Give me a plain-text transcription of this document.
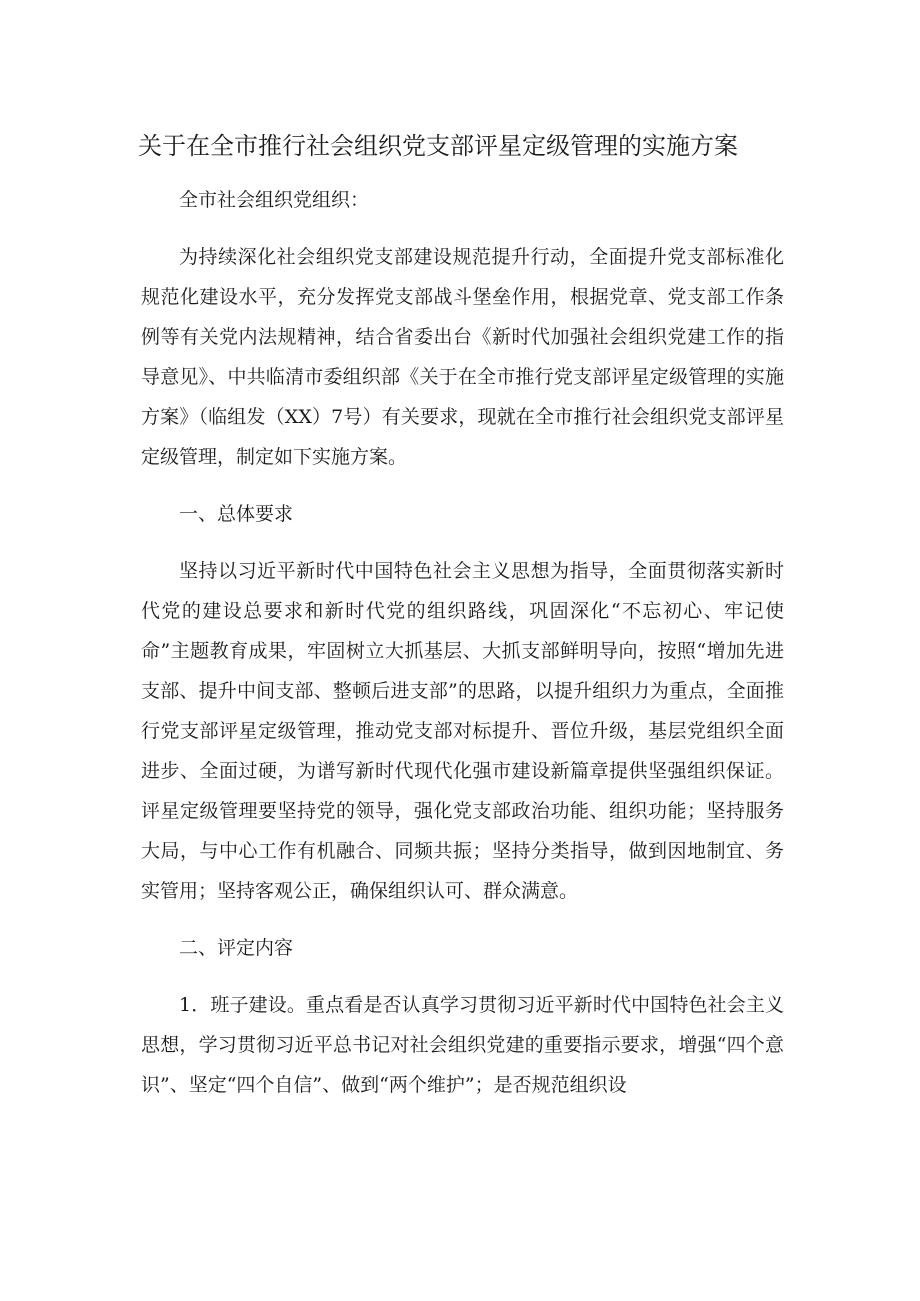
关于在全市推行社会组织党支部评星定级管理的实施方案

全市社会组织党组织：

为持续深化社会组织党支部建设规范提升行动，全面提升党支部标准化规范化建设水平，充分发挥党支部战斗堡垒作用，根据党章、党支部工作条例等有关党内法规精神，结合省委出台《新时代加强社会组织党建工作的指导意见》、中共临清市委组织部《关于在全市推行党支部评星定级管理的实施方案》（临组发（XX）7号）有关要求，现就在全市推行社会组织党支部评星定级管理，制定如下实施方案。

一、总体要求

坚持以习近平新时代中国特色社会主义思想为指导，全面贯彻落实新时代党的建设总要求和新时代党的组织路线，巩固深化“不忘初心、牢记使命”主题教育成果，牢固树立大抓基层、大抓支部鲜明导向，按照“增加先进支部、提升中间支部、整顿后进支部”的思路，以提升组织力为重点，全面推行党支部评星定级管理，推动党支部对标提升、晋位升级，基层党组织全面进步、全面过硬，为谱写新时代现代化强市建设新篇章提供坚强组织保证。评星定级管理要坚持党的领导，强化党支部政治功能、组织功能；坚持服务大局，与中心工作有机融合、同频共振；坚持分类指导，做到因地制宜、务实管用；坚持客观公正，确保组织认可、群众满意。

二、评定内容

1．班子建设。重点看是否认真学习贯彻习近平新时代中国特色社会主义思想，学习贯彻习近平总书记对社会组织党建的重要指示要求，增强“四个意识”、坚定“四个自信”、做到“两个维护”；是否规范组织设
